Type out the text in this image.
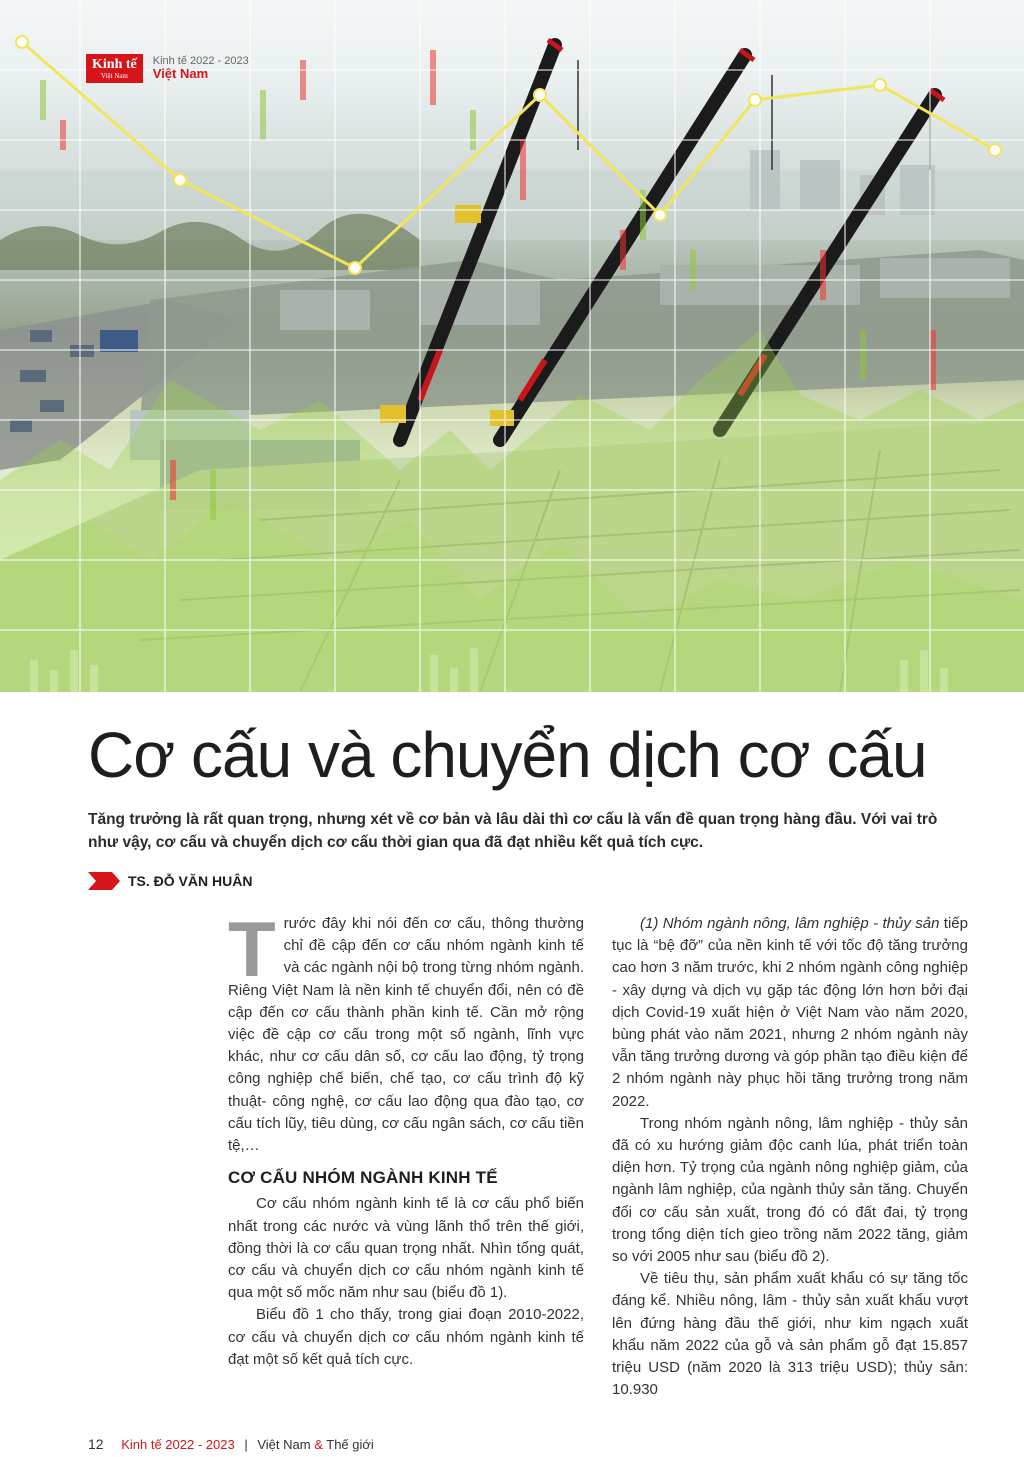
Kinh tế
Việt Nam
Kinh tế 2022 - 2023
Việt Nam
Cơ cấu và chuyển dịch cơ cấu

Tăng trưởng là rất quan trọng, nhưng xét về cơ bản và lâu dài thì cơ cấu là vấn đề quan trọng hàng đầu. Với vai trò như vậy, cơ cấu và chuyển dịch cơ cấu thời gian qua đã đạt nhiều kết quả tích cực.

TS. ĐỖ VĂN HUÂN

Trước đây khi nói đến cơ cấu, thông thường chỉ đề cập đến cơ cấu nhóm ngành kinh tế và các ngành nội bộ trong từng nhóm ngành. Riêng Việt Nam là nền kinh tế chuyển đổi, nên có đề cập đến cơ cấu thành phần kinh tế. Cần mở rộng việc đề cập cơ cấu trong một số ngành, lĩnh vực khác, như cơ cấu dân số, cơ cấu lao động, tỷ trọng công nghiệp chế biến, chế tạo, cơ cấu trình độ kỹ thuật- công nghệ, cơ cấu lao động qua đào tạo, cơ cấu tích lũy, tiêu dùng, cơ cấu ngân sách, cơ cấu tiền tệ,…

CƠ CẤU NHÓM NGÀNH KINH TẾ

Cơ cấu nhóm ngành kinh tế là cơ cấu phổ biến nhất trong các nước và vùng lãnh thổ trên thế giới, đồng thời là cơ cấu quan trọng nhất. Nhìn tổng quát, cơ cấu và chuyển dịch cơ cấu nhóm ngành kinh tế qua một số mốc năm như sau (biểu đồ 1).

Biểu đồ 1 cho thấy, trong giai đoạn 2010-2022, cơ cấu và chuyển dịch cơ cấu nhóm ngành kinh tế đạt một số kết quả tích cực.

(1) Nhóm ngành nông, lâm nghiệp - thủy sản tiếp tục là “bệ đỡ” của nền kinh tế với tốc độ tăng trưởng cao hơn 3 năm trước, khi 2 nhóm ngành công nghiệp - xây dựng và dịch vụ gặp tác động lớn hơn bởi đại dịch Covid-19 xuất hiện ở Việt Nam vào năm 2020, bùng phát vào năm 2021, nhưng 2 nhóm ngành này vẫn tăng trưởng dương và góp phần tạo điều kiện để 2 nhóm ngành này phục hồi tăng trưởng trong năm 2022.

Trong nhóm ngành nông, lâm nghiệp - thủy sản đã có xu hướng giảm độc canh lúa, phát triển toàn diện hơn. Tỷ trọng của ngành nông nghiệp giảm, của ngành lâm nghiệp, của ngành thủy sản tăng. Chuyển đổi cơ cấu sản xuất, trong đó có đất đai, tỷ trọng trong tổng diện tích gieo trồng năm 2022 tăng, giảm so với 2005 như sau (biểu đồ 2).

Về tiêu thụ, sản phẩm xuất khẩu có sự tăng tốc đáng kể. Nhiều nông, lâm - thủy sản xuất khẩu vượt lên đứng hàng đầu thế giới, như kim ngạch xuất khẩu năm 2022 của gỗ và sản phẩm gỗ đạt 15.857 triệu USD (năm 2020 là 313 triệu USD); thủy sản: 10.930

12 Kinh tế 2022 - 2023 | Việt Nam & Thế giới
